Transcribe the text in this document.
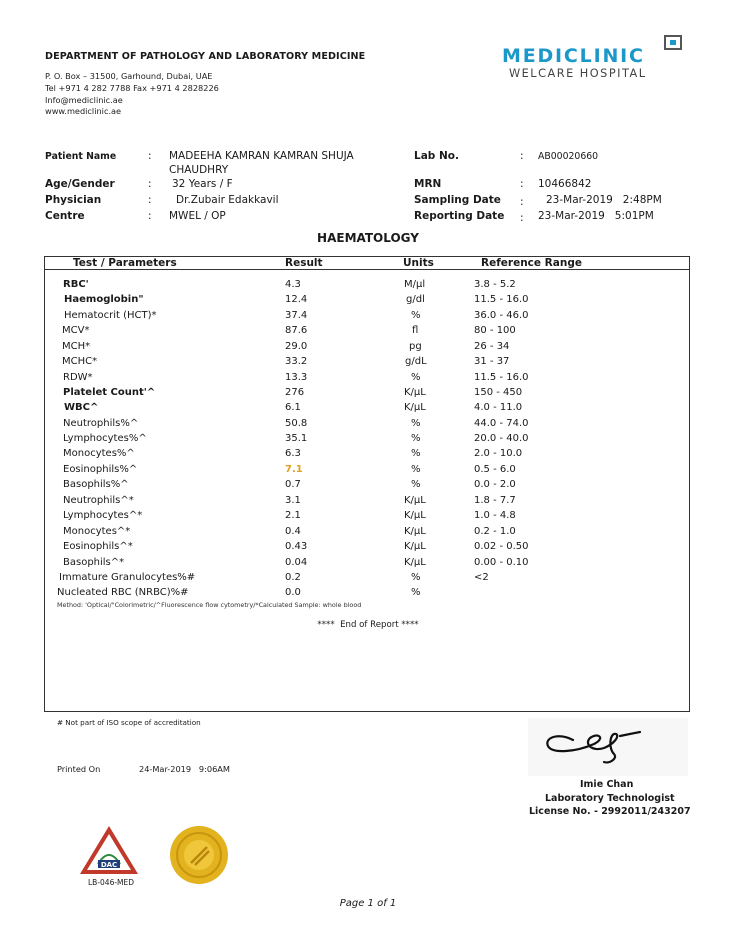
DEPARTMENT OF PATHOLOGY AND LABORATORY MEDICINE
P. O. Box – 31500, Garhound, Dubai, UAE
Tel +971 4 282 7788 Fax +971 4 2828226
Info@mediclinic.ae
www.mediclinic.ae
MEDICLINIC
WELCARE HOSPITAL
Patient Name	: MADEEHA KAMRAN KAMRAN SHUJA
CHAUDHRY
Age/Gender	: 32 Years / F
Physician	: Dr.Zubair Edakkavil
Centre	: MWEL / OP
Lab No.	: AB00020660
MRN	: 10466842
Sampling Date : 23-Mar-2019   2:48PM
Reporting Date : 23-Mar-2019   5:01PM
HAEMATOLOGY
Test / Parameters	Result	Units	Reference Range
RBC'	4.3	M/µl	3.8 - 5.2
Haemoglobin"	12.4	g/dl	11.5 - 16.0
Hematocrit (HCT)*	37.4	%	36.0 - 46.0
MCV*	87.6	fl	80 - 100
MCH*	29.0	pg	26 - 34
MCHC*	33.2	g/dL	31 - 37
RDW*	13.3	%	11.5 - 16.0
Platelet Count'^	276	K/µL	150 - 450
WBC^	6.1	K/µL	4.0 - 11.0
Neutrophils%^	50.8	%	44.0 - 74.0
Lymphocytes%^	35.1	%	20.0 - 40.0
Monocytes%^	6.3	%	2.0 - 10.0
Eosinophils%^	7.1	%	0.5 - 6.0
Basophils%^	0.7	%	0.0 - 2.0
Neutrophils^*	3.1	K/µL	1.8 - 7.7
Lymphocytes^*	2.1	K/µL	1.0 - 4.8
Monocytes^*	0.4	K/µL	0.2 - 1.0
Eosinophils^*	0.43	K/µL	0.02 - 0.50
Basophils^*	0.04	K/µL	0.00 - 0.10
Immature Granulocytes%#	0.2	%	<2
Nucleated RBC (NRBC)%#	0.0	%
Method: 'Optical/"Colorimetric/^Fluorescence flow cytometry/*Calculated Sample: whole blood
****  End of Report ****
# Not part of ISO scope of accreditation
Printed On	24-Mar-2019   9:06AM
Imie Chan
Laboratory Technologist
License No. - 2992011/243207
DAC
LB-046-MED
Page 1 of 1
